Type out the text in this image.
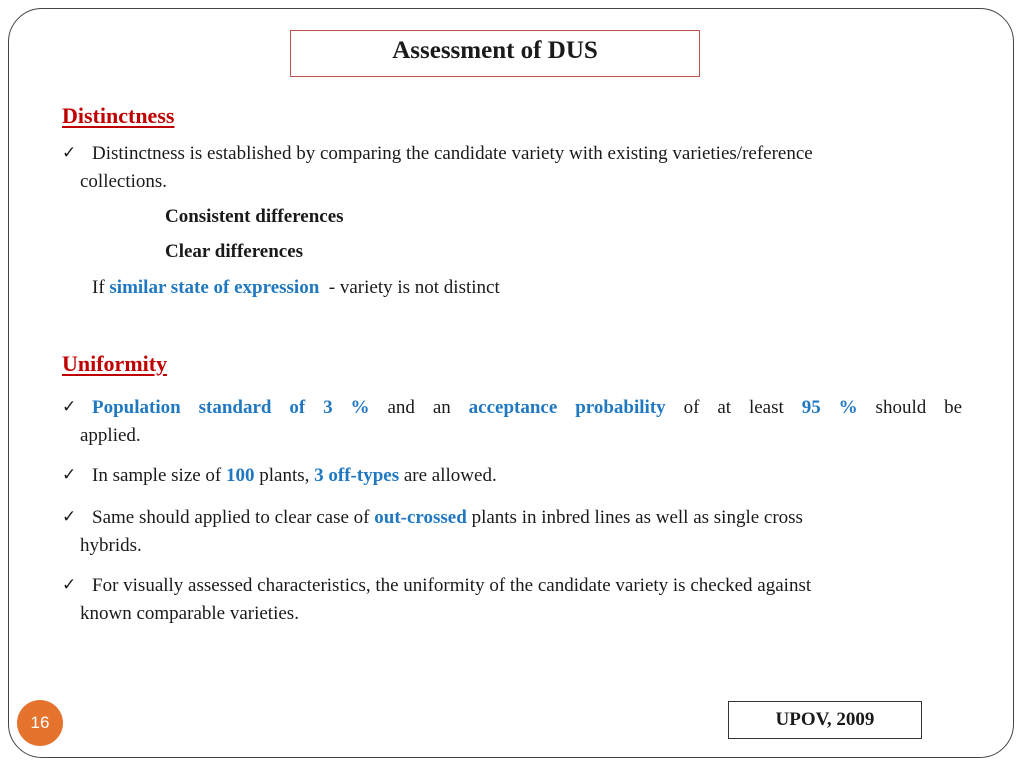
Assessment of DUS
Distinctness
✓ Distinctness is established by comparing the candidate variety with existing varieties/reference
collections.
Consistent differences
Clear differences
If similar state of expression  - variety is not distinct
Uniformity
✓ Population standard of 3 % and an acceptance probability of at least 95 % should be
applied.
✓ In sample size of 100 plants, 3 off-types are allowed.
✓ Same should applied to clear case of out-crossed plants in inbred lines as well as single cross
hybrids.
✓ For visually assessed characteristics, the uniformity of the candidate variety is checked against
known comparable varieties.
16	UPOV, 2009
